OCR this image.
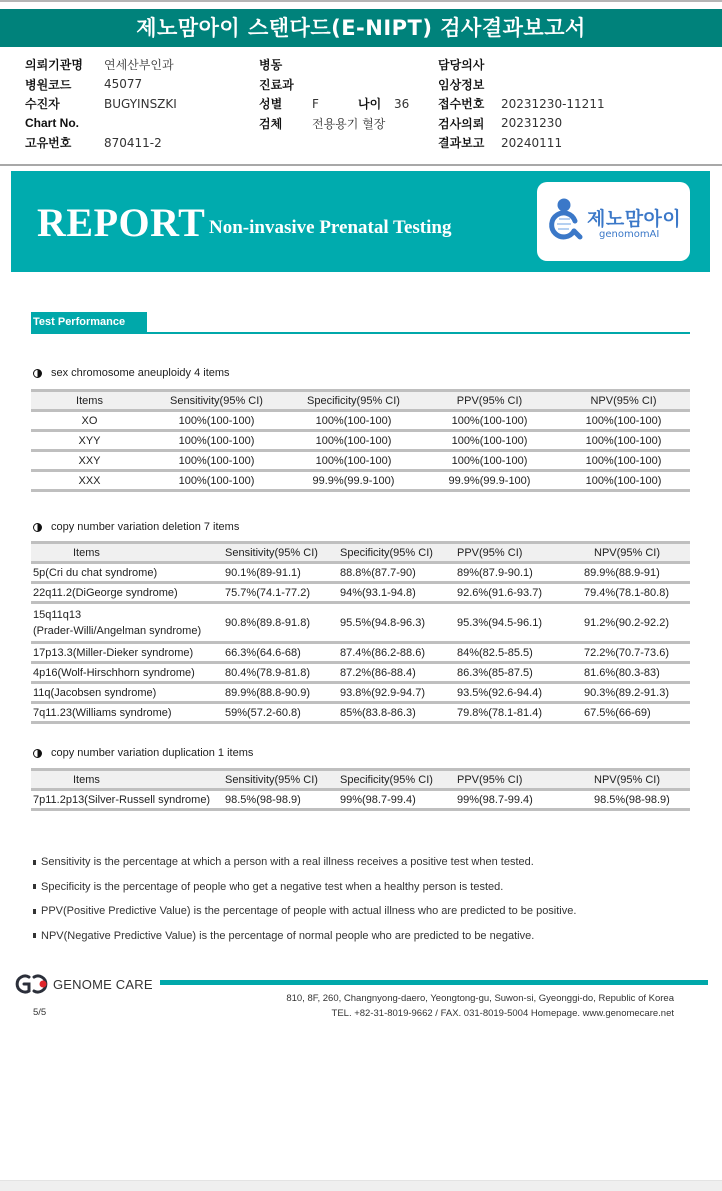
제노맘아이 스탠다드(E-NIPT) 검사결과보고서
의뢰기관명	연세산부인과
병원코드	45077
수진자	BUGYINSZKI
Chart No.
고유번호	870411-2
병동
진료과
성별	F	나이	36
검체	전용용기 혈장
담당의사
임상정보
접수번호	20231230-11211
검사의뢰	20231230
결과보고	20240111
REPORT Non-invasive Prenatal Testing	제노맘아이
genomomAI
Test Performance
sex chromosome aneuploidy 4 items
Items	Sensitivity(95% CI)	Specificity(95% CI)	PPV(95% CI)	NPV(95% CI)
XO	100%(100-100)	100%(100-100)	100%(100-100)	100%(100-100)
XYY	100%(100-100)	100%(100-100)	100%(100-100)	100%(100-100)
XXY	100%(100-100)	100%(100-100)	100%(100-100)	100%(100-100)
XXX	100%(100-100)	99.9%(99.9-100)	99.9%(99.9-100)	100%(100-100)
copy number variation deletion 7 items
Items	Sensitivity(95% CI)	Specificity(95% CI)	PPV(95% CI)	NPV(95% CI)
5p(Cri du chat syndrome)	90.1%(89-91.1)	88.8%(87.7-90)	89%(87.9-90.1)	89.9%(88.9-91)
22q11.2(DiGeorge syndrome)	75.7%(74.1-77.2)	94%(93.1-94.8)	92.6%(91.6-93.7)	79.4%(78.1-80.8)

15q11q13
(Prader-Willi/Angelman syndrome)	90.8%(89.8-91.8)	95.5%(94.8-96.3)	95.3%(94.5-96.1)	91.2%(90.2-92.2)
17p13.3(Miller-Dieker syndrome)	66.3%(64.6-68)	87.4%(86.2-88.6)	84%(82.5-85.5)	72.2%(70.7-73.6)
4p16(Wolf-Hirschhorn syndrome)	80.4%(78.9-81.8)	87.2%(86-88.4)	86.3%(85-87.5)	81.6%(80.3-83)
11q(Jacobsen syndrome)	89.9%(88.8-90.9)	93.8%(92.9-94.7)	93.5%(92.6-94.4)	90.3%(89.2-91.3)
7q11.23(Williams syndrome)	59%(57.2-60.8)	85%(83.8-86.3)	79.8%(78.1-81.4)	67.5%(66-69)
copy number variation duplication 1 items
Items	Sensitivity(95% CI)	Specificity(95% CI)	PPV(95% CI)	NPV(95% CI)
7p11.2p13(Silver-Russell syndrome)	98.5%(98-98.9)	99%(98.7-99.4)	99%(98.7-99.4)	98.5%(98-98.9)
Sensitivity is the percentage at which a person with a real illness receives a positive test when tested.
Specificity is the percentage of people who get a negative test when a healthy person is tested.
PPV(Positive Predictive Value) is the percentage of people with actual illness who are predicted to be positive.
NPV(Negative Predictive Value) is the percentage of normal people who are predicted to be negative.
GENOME CARE
810, 8F, 260, Changnyong-daero, Yeongtong-gu, Suwon-si, Gyeonggi-do, Republic of Korea
TEL. +82-31-8019-9662 / FAX. 031-8019-5004 Homepage. www.genomecare.net
5/5
